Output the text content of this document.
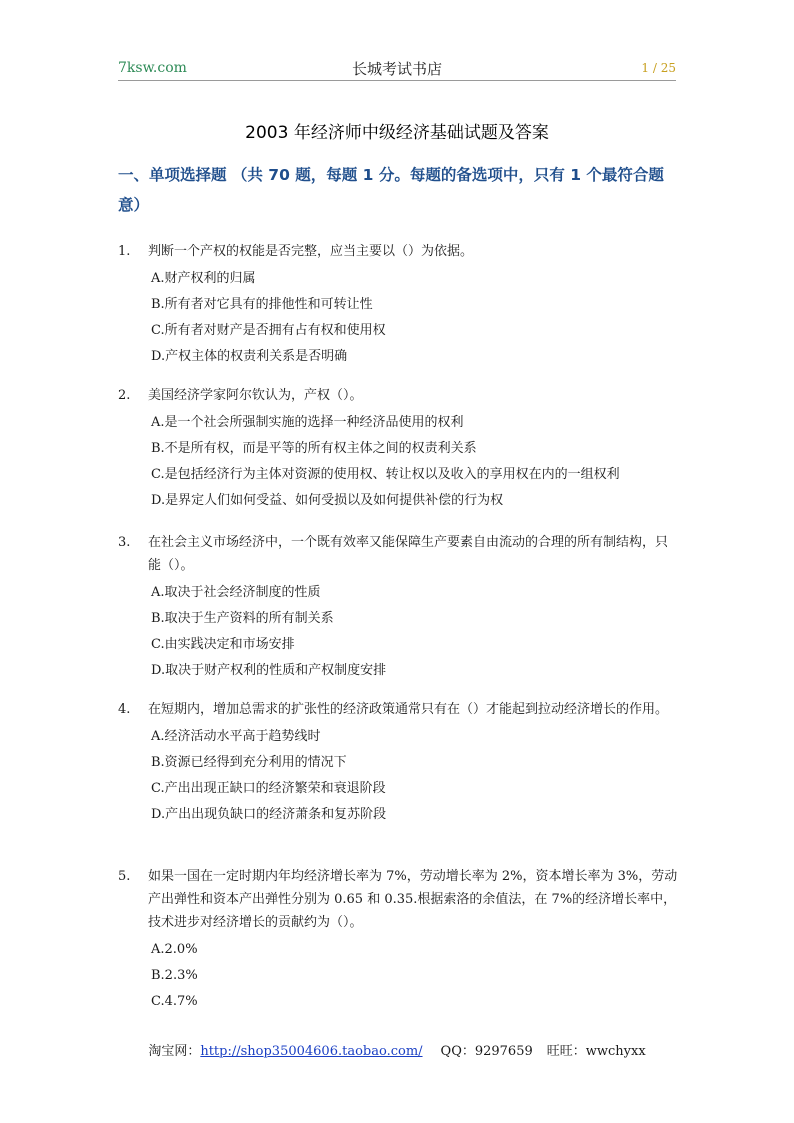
7ksw.com	长城考试书店	1 / 25
2003 年经济师中级经济基础试题及答案
一、单项选择题 （共 70 题，每题 1 分。每题的备选项中，只有 1 个最符合题意）
1. 判断一个产权的权能是否完整，应当主要以（）为依据。
A.财产权利的归属
B.所有者对它具有的排他性和可转让性
C.所有者对财产是否拥有占有权和使用权
D.产权主体的权责利关系是否明确
2. 美国经济学家阿尔钦认为，产权（）。
A.是一个社会所强制实施的选择一种经济品使用的权利
B.不是所有权，而是平等的所有权主体之间的权责利关系
C.是包括经济行为主体对资源的使用权、转让权以及收入的享用权在内的一组权利
D.是界定人们如何受益、如何受损以及如何提供补偿的行为权
3. 在社会主义市场经济中，一个既有效率又能保障生产要素自由流动的合理的所有制结构，只能（）。
A.取决于社会经济制度的性质
B.取决于生产资料的所有制关系
C.由实践决定和市场安排
D.取决于财产权利的性质和产权制度安排
4. 在短期内，增加总需求的扩张性的经济政策通常只有在（）才能起到拉动经济增长的作用。
A.经济活动水平高于趋势线时
B.资源已经得到充分利用的情况下
C.产出出现正缺口的经济繁荣和衰退阶段
D.产出出现负缺口的经济萧条和复苏阶段
5. 如果一国在一定时期内年均经济增长率为 7%，劳动增长率为 2%，资本增长率为 3%，劳动产出弹性和资本产出弹性分别为 0.65 和 0.35.根据索洛的余值法，在 7%的经济增长率中，技术进步对经济增长的贡献约为（）。
A.2.0%
B.2.3%
C.4.7%
淘宝网：http://shop35004606.taobao.com/ QQ：9297659 旺旺：wwchyxx
